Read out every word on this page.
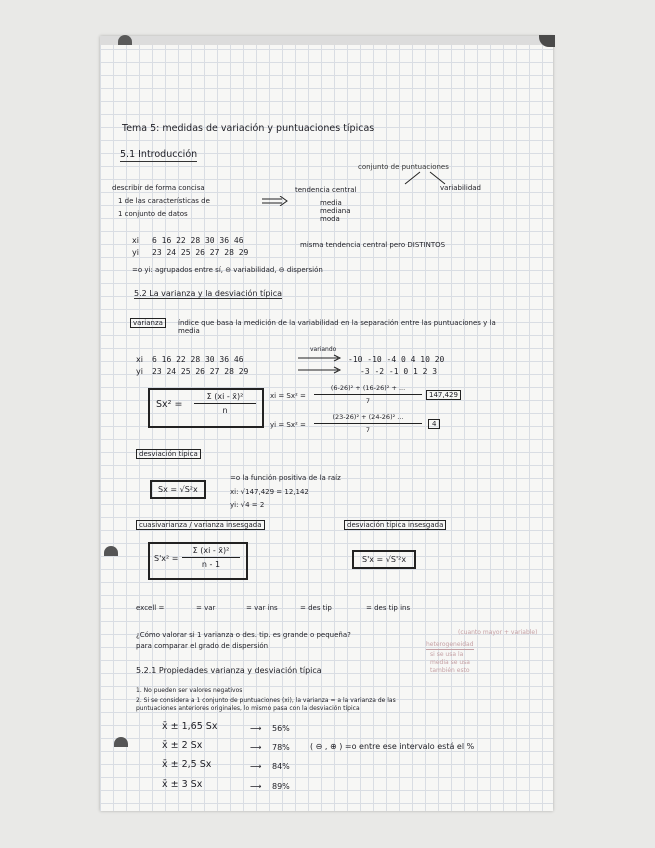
Tema 5: medidas de variación y puntuaciones típicas
5.1 Introducción
conjunto de puntuaciones
describir de forma concisa
1 de las características de
1 conjunto de datos
tendencia central	variabilidad
media
mediana
moda
xi 6 16 22 28 30 36 46
yi 23 24 25 26 27 28 29
misma tendencia central pero DISTINTOS
=o yi: agrupados entre sí, ⊖ variabilidad, ⊖ dispersión
5.2 La varianza y la desviación típica
varianza	índice que basa la medición de la variabilidad en la separación entre las puntuaciones y la media
xi 6 16 22 28 30 36 46
yi 23 24 25 26 27 28 29
variando
-10 -10 -4 0 4 10 20
-3 -2 -1 0 1 2 3
Sx² =
Σ (xi - x̄)²
n
xi = Sx² =
(6-26)² + (16-26)² + ...
7
147,429
yi = Sx² =
(23-26)² + (24-26)² ...
7
4
desviación típica
Sx = √S²x
=o la función positiva de la raíz
xi: √147,429 = 12,142
yi: √4 = 2
cuasivarianza / varianza insesgada	desviación típica insesgada
S'x² =
Σ (xi - x̄)²
n - 1
S'x = √S'²x
excell =	= var	= var ins	= des tip	= des tip ins
¿Cómo valorar si 1 varianza o des. tip. es grande o pequeña?
para comparar el grado de dispersión
(cuanto mayor + variable)
heterogeneidad
5.2.1 Propiedades varianza y desviación típica
si se usa la
media se usa
también esto
1. No pueden ser valores negativos
2. Si se considera a 1 conjunto de puntuaciones (xi), la varianza = a la varianza de las
puntuaciones anteriores originales, lo mismo pasa con la desviación típica
x̄ ± 1,65 Sx	⟶ 56%
x̄ ± 2 Sx	⟶ 78%
x̄ ± 2,5 Sx	⟶ 84%
x̄ ± 3 Sx	⟶ 89%
( ⊖ , ⊕ ) =o entre ese intervalo está el %
